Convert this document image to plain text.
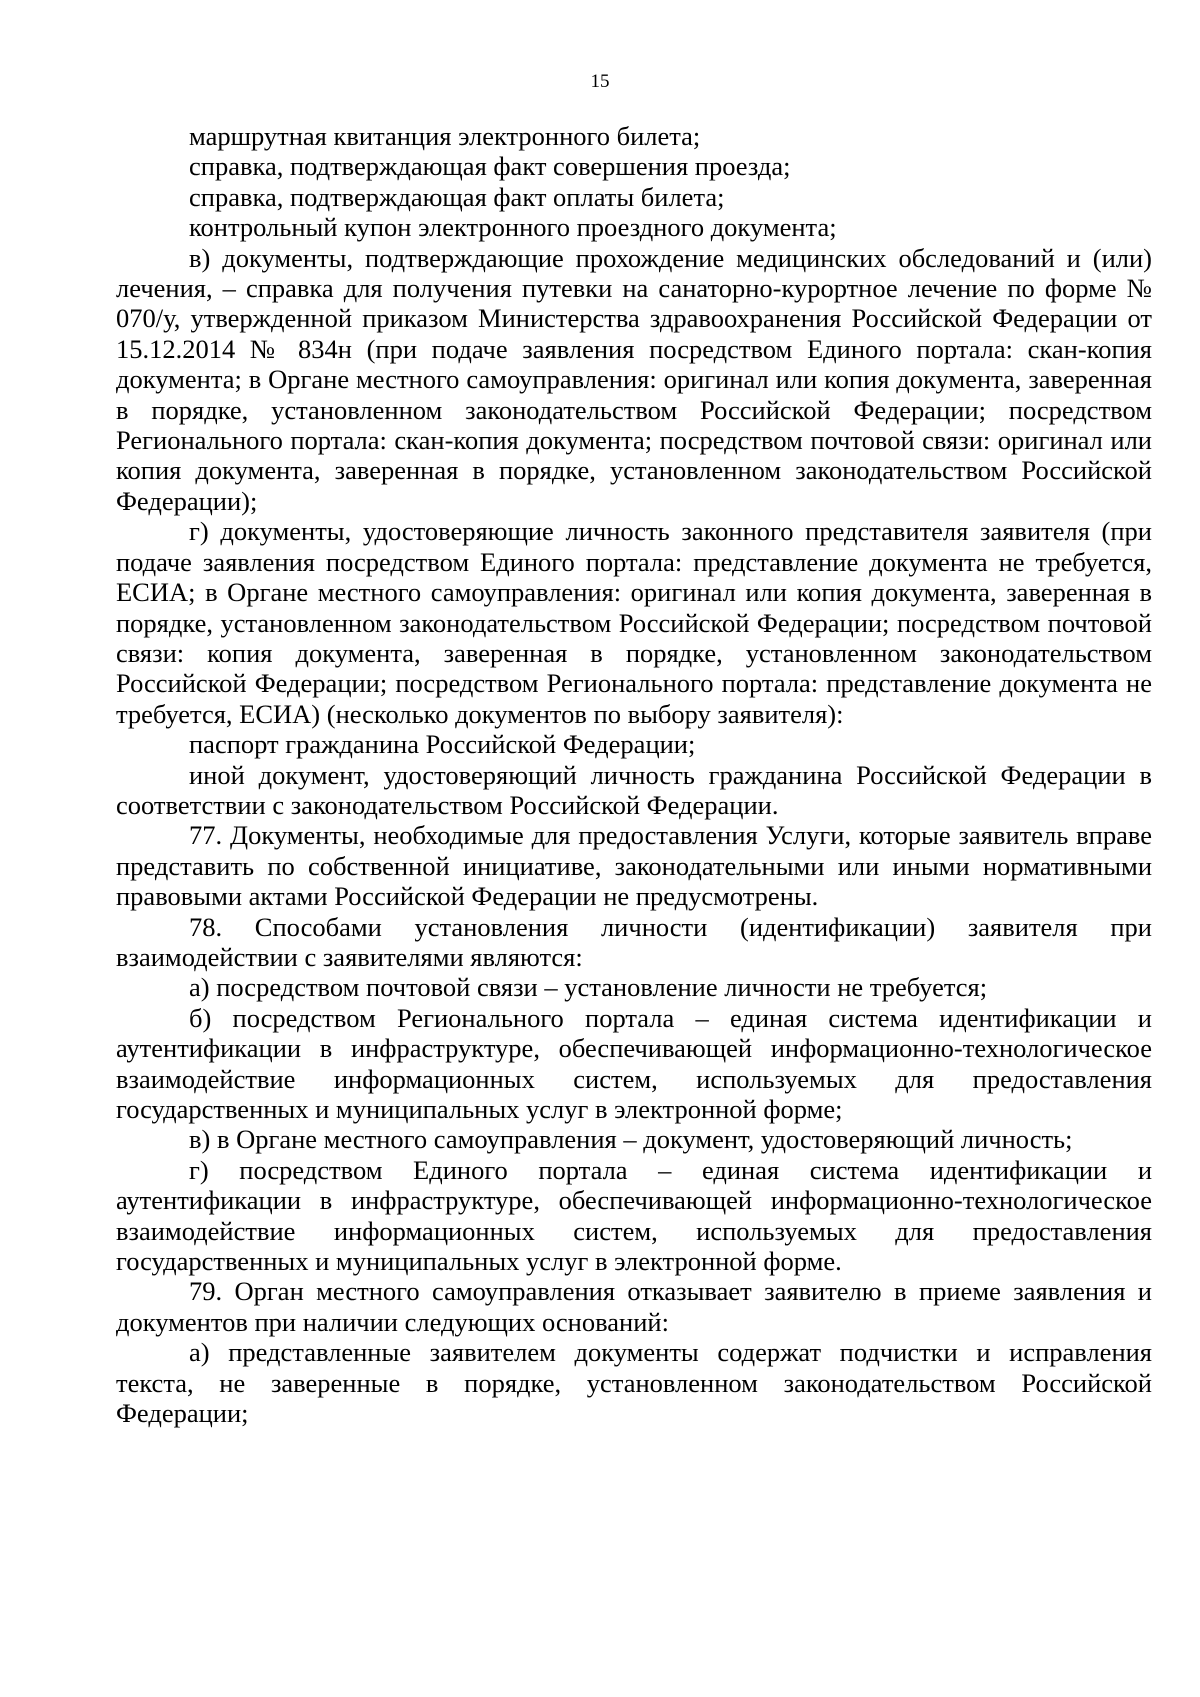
15

маршрутная квитанция электронного билета;

справка, подтверждающая факт совершения проезда;

справка, подтверждающая факт оплаты билета;

контрольный купон электронного проездного документа;

в) документы, подтверждающие прохождение медицинских обследований и (или) лечения, – справка для получения путевки на санаторно-курортное лечение по форме № 070/у, утвержденной приказом Министерства здравоохранения Российской Федерации от 15.12.2014 № 834н (при подаче заявления посредством Единого портала: скан-копия документа; в Органе местного самоуправления: оригинал или копия документа, заверенная в порядке, установленном законодательством Российской Федерации; посредством Регионального портала: скан-копия документа; посредством почтовой связи: оригинал или копия документа, заверенная в порядке, установленном законодательством Российской Федерации);

г) документы, удостоверяющие личность законного представителя заявителя (при подаче заявления посредством Единого портала: представление документа не требуется, ЕСИА; в Органе местного самоуправления: оригинал или копия документа, заверенная в порядке, установленном законодательством Российской Федерации; посредством почтовой связи: копия документа, заверенная в порядке, установленном законодательством Российской Федерации; посредством Регионального портала: представление документа не требуется, ЕСИА) (несколько документов по выбору заявителя):

паспорт гражданина Российской Федерации;

иной документ, удостоверяющий личность гражданина Российской Федерации в соответствии с законодательством Российской Федерации.

77. Документы, необходимые для предоставления Услуги, которые заявитель вправе представить по собственной инициативе, законодательными или иными нормативными правовыми актами Российской Федерации не предусмотрены.

78. Способами установления личности (идентификации) заявителя при взаимодействии с заявителями являются:

а) посредством почтовой связи – установление личности не требуется;

б) посредством Регионального портала – единая система идентификации и аутентификации в инфраструктуре, обеспечивающей информационно-технологическое взаимодействие информационных систем, используемых для предоставления государственных и муниципальных услуг в электронной форме;

в) в Органе местного самоуправления – документ, удостоверяющий личность;

г) посредством Единого портала – единая система идентификации и аутентификации в инфраструктуре, обеспечивающей информационно-технологическое взаимодействие информационных систем, используемых для предоставления государственных и муниципальных услуг в электронной форме.

79. Орган местного самоуправления отказывает заявителю в приеме заявления и документов при наличии следующих оснований:

а) представленные заявителем документы содержат подчистки и исправления текста, не заверенные в порядке, установленном законодательством Российской Федерации;
